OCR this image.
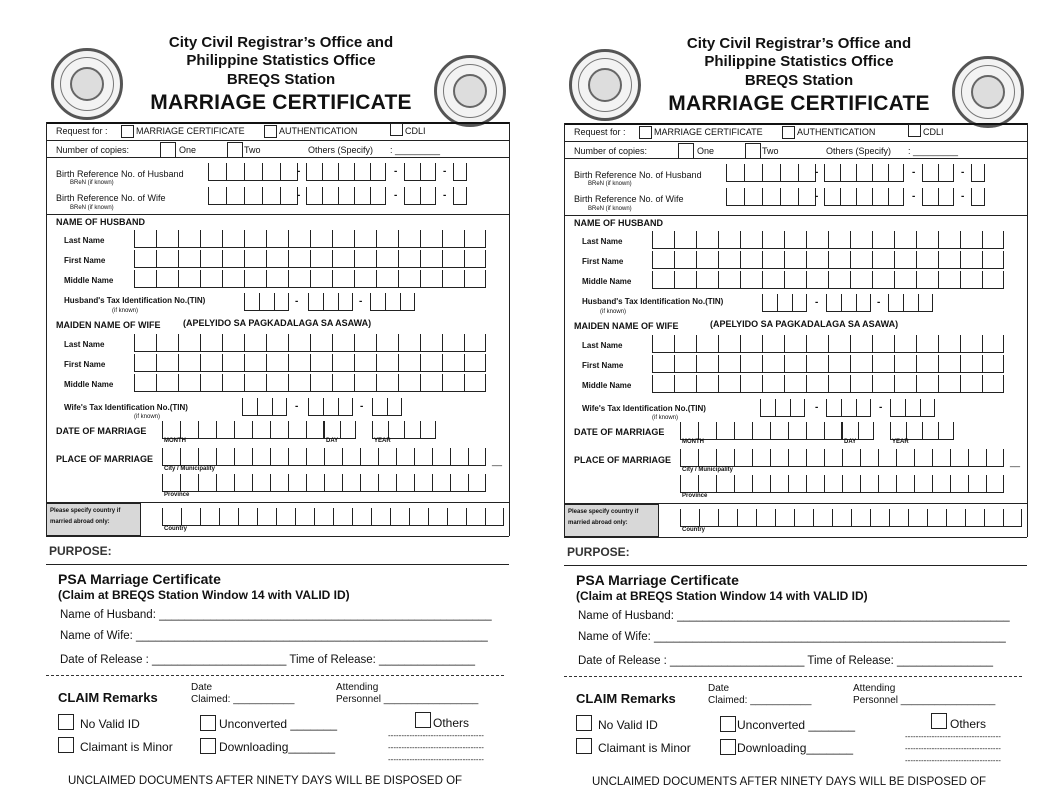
City Civil Registrar’s Office and
Philippine Statistics Office
BREQS Station
MARRIAGE CERTIFICATE
Request for :	MARRIAGE CERTIFICATE	AUTHENTICATION	CDLI
Number of copies:	One	Two	Others (Specify) : _________
Birth Reference No. of Husband
BReN (if known)
-	-	-
Birth Reference No. of Wife
BReN (if known)
-	-	-
NAME OF HUSBAND
Last Name
First Name
Middle Name
Husband's Tax Identification No.(TIN)
(if known)
-	-
MAIDEN NAME OF WIFE	(APELYIDO SA PAGKADALAGA SA ASAWA)
Last Name
First Name
Middle Name
Wife's Tax Identification No.(TIN)
(if known)
-	-
DATE OF MARRIAGE
MONTH	DAY	YEAR
PLACE OF MARRIAGE	__
City / Municipality
Province
Please specify country if
married abroad only:
Country
PURPOSE:
PSA Marriage Certificate
(Claim at BREQS Station Window 14 with VALID ID)
Name of Husband: ____________________________________________________
Name of Wife: _______________________________________________________
Date of Release : _____________________ Time of Release: _______________
CLAIM Remarks
Date
Claimed: ___________
Attending
Personnel _________________
No Valid ID	Unconverted _______	Others
Claimant is Minor	Downloading_______
------------------------------------
------------------------------------
------------------------------------
UNCLAIMED DOCUMENTS AFTER NINETY DAYS WILL BE DISPOSED OF
City Civil Registrar’s Office and
Philippine Statistics Office
BREQS Station
MARRIAGE CERTIFICATE
Request for :	MARRIAGE CERTIFICATE	AUTHENTICATION	CDLI
Number of copies:	One	Two	Others (Specify) : _________
Birth Reference No. of Husband
BReN (if known)
-	-	-
Birth Reference No. of Wife
BReN (if known)
-	-	-
NAME OF HUSBAND
Last Name
First Name
Middle Name
Husband's Tax Identification No.(TIN)
(if known)
-	-
MAIDEN NAME OF WIFE	(APELYIDO SA PAGKADALAGA SA ASAWA)
Last Name
First Name
Middle Name
Wife's Tax Identification No.(TIN)
(if known)
-	-
DATE OF MARRIAGE
MONTH	DAY	YEAR
PLACE OF MARRIAGE	__
City / Municipality
Province
Please specify country if
married abroad only:
Country
PURPOSE:
PSA Marriage Certificate
(Claim at BREQS Station Window 14 with VALID ID)
Name of Husband: ____________________________________________________
Name of Wife: _______________________________________________________
Date of Release : _____________________ Time of Release: _______________
CLAIM Remarks
Date
Claimed: ___________
Attending
Personnel _________________
No Valid ID	Unconverted _______	Others
Claimant is Minor	Downloading_______
------------------------------------
------------------------------------
------------------------------------
UNCLAIMED DOCUMENTS AFTER NINETY DAYS WILL BE DISPOSED OF
